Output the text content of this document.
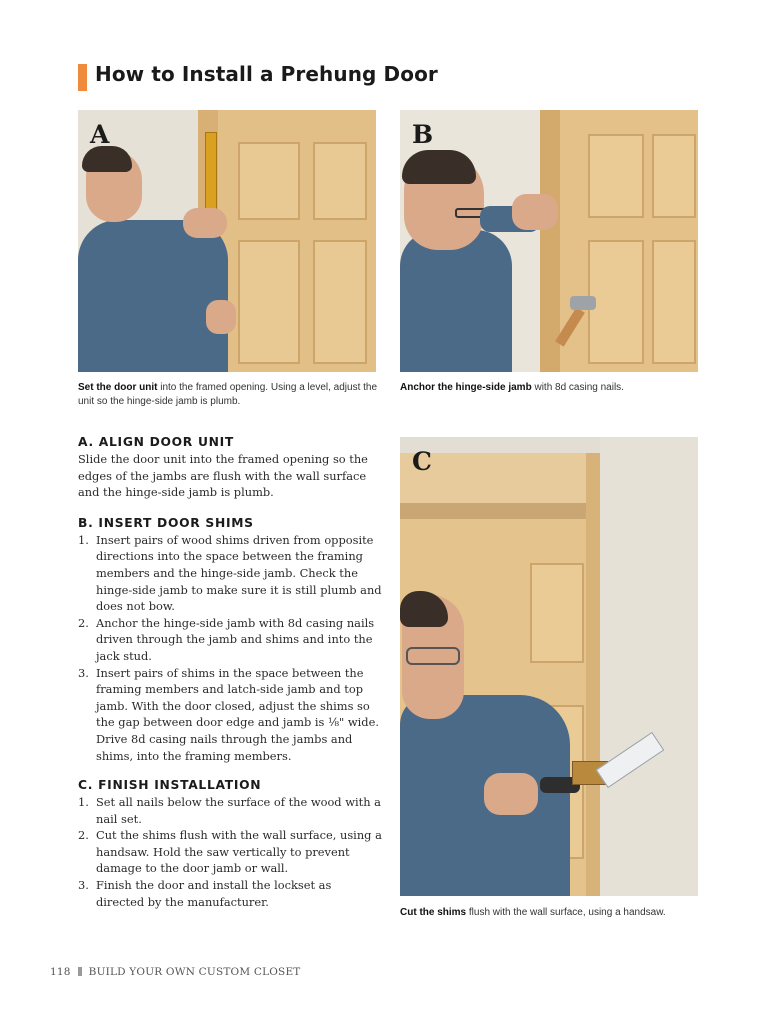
How to Install a Prehung Door
A	B
C
Set the door unit into the framed opening. Using a level, adjust the unit so the hinge-side jamb is plumb.
Anchor the hinge-side jamb with 8d casing nails.
Cut the shims flush with the wall surface, using a handsaw.
A. ALIGN DOOR UNIT

Slide the door unit into the framed opening so the edges of the jambs are flush with the wall surface and the hinge-side jamb is plumb.

B. INSERT DOOR SHIMS
1. Insert pairs of wood shims driven from opposite directions into the space between the framing members and the hinge-side jamb. Check the hinge-side jamb to make sure it is still plumb and does not bow.
2. Anchor the hinge-side jamb with 8d casing nails driven through the jamb and shims and into the jack stud.
3. Insert pairs of shims in the space between the framing members and latch-side jamb and top jamb. With the door closed, adjust the shims so the gap between door edge and jamb is ⅛" wide. Drive 8d casing nails through the jambs and shims, into the framing members.
C. FINISH INSTALLATION
1. Set all nails below the surface of the wood with a nail set.
2. Cut the shims flush with the wall surface, using a handsaw. Hold the saw vertically to prevent damage to the door jamb or wall.
3. Finish the door and install the lockset as directed by the manufacturer.
118 BUILD YOUR OWN CUSTOM CLOSET
